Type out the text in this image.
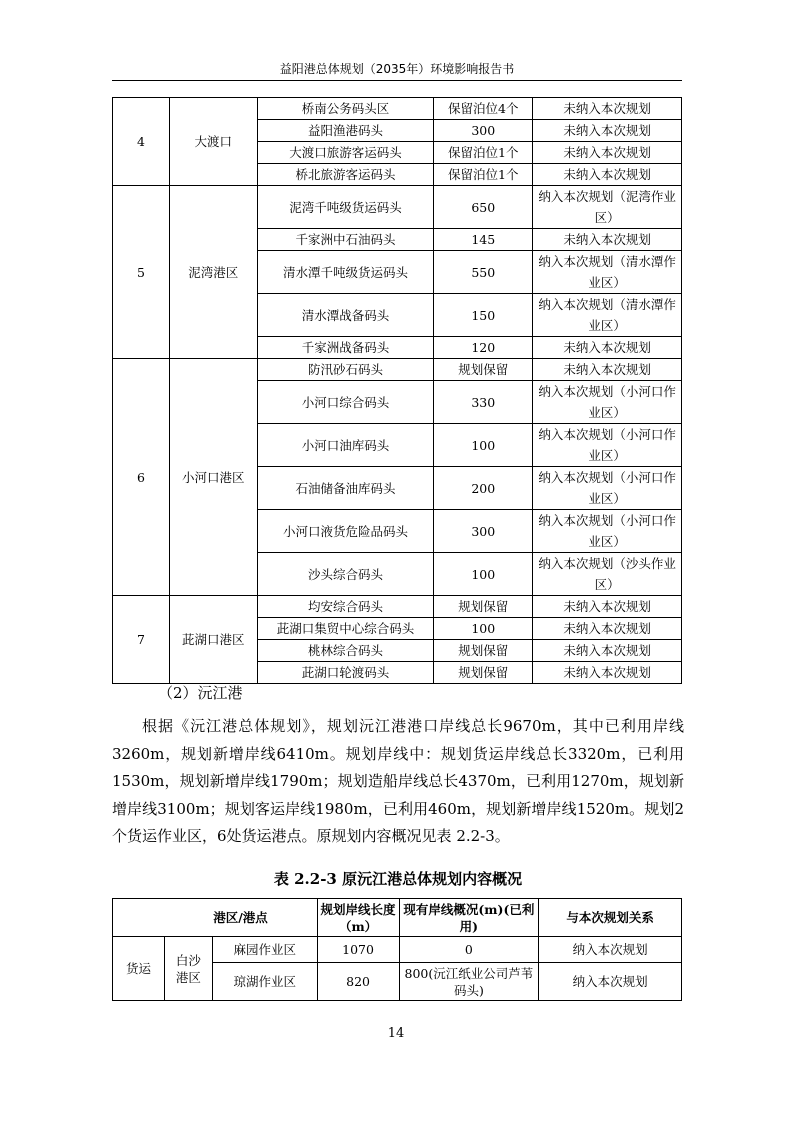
益阳港总体规划（2035年）环境影响报告书
4	大渡口	桥南公务码头区	保留泊位4个	未纳入本次规划
		益阳渔港码头	300	未纳入本次规划
		大渡口旅游客运码头	保留泊位1个	未纳入本次规划
		桥北旅游客运码头	保留泊位1个	未纳入本次规划
5	泥湾港区	泥湾千吨级货运码头	650	纳入本次规划（泥湾作业区）
		千家洲中石油码头	145	未纳入本次规划
		清水潭千吨级货运码头	550	纳入本次规划（清水潭作业区）
		清水潭战备码头	150	纳入本次规划（清水潭作业区）
		千家洲战备码头	120	未纳入本次规划
6	小河口港区	防汛砂石码头	规划保留	未纳入本次规划
		小河口综合码头	330	纳入本次规划（小河口作业区）
		小河口油库码头	100	纳入本次规划（小河口作业区）
		石油储备油库码头	200	纳入本次规划（小河口作业区）
		小河口液货危险品码头	300	纳入本次规划（小河口作业区）
		沙头综合码头	100	纳入本次规划（沙头作业区）
7	茈湖口港区	均安综合码头	规划保留	未纳入本次规划
		茈湖口集贸中心综合码头	100	未纳入本次规划
		桃林综合码头	规划保留	未纳入本次规划
		茈湖口轮渡码头	规划保留	未纳入本次规划
（2）沅江港
根据《沅江港总体规划》，规划沅江港港口岸线总长9670m，其中已利用岸线3260m，规划新增岸线6410m。规划岸线中：规划货运岸线总长3320m，已利用1530m，规划新增岸线1790m；规划造船岸线总长4370m，已利用1270m，规划新增岸线3100m；规划客运岸线1980m，已利用460m，规划新增岸线1520m。规划2个货运作业区，6处货运港点。原规划内容概况见表 2.2-3。
表 2.2-3 原沅江港总体规划内容概况
	港区/港点		规划岸线长度（m）	现有岸线概况(m)(已利用)	与本次规划关系
货运	白沙港区	麻园作业区	1070	0	纳入本次规划
		琼湖作业区	820	800(沅江纸业公司芦苇码头)	纳入本次规划
14
